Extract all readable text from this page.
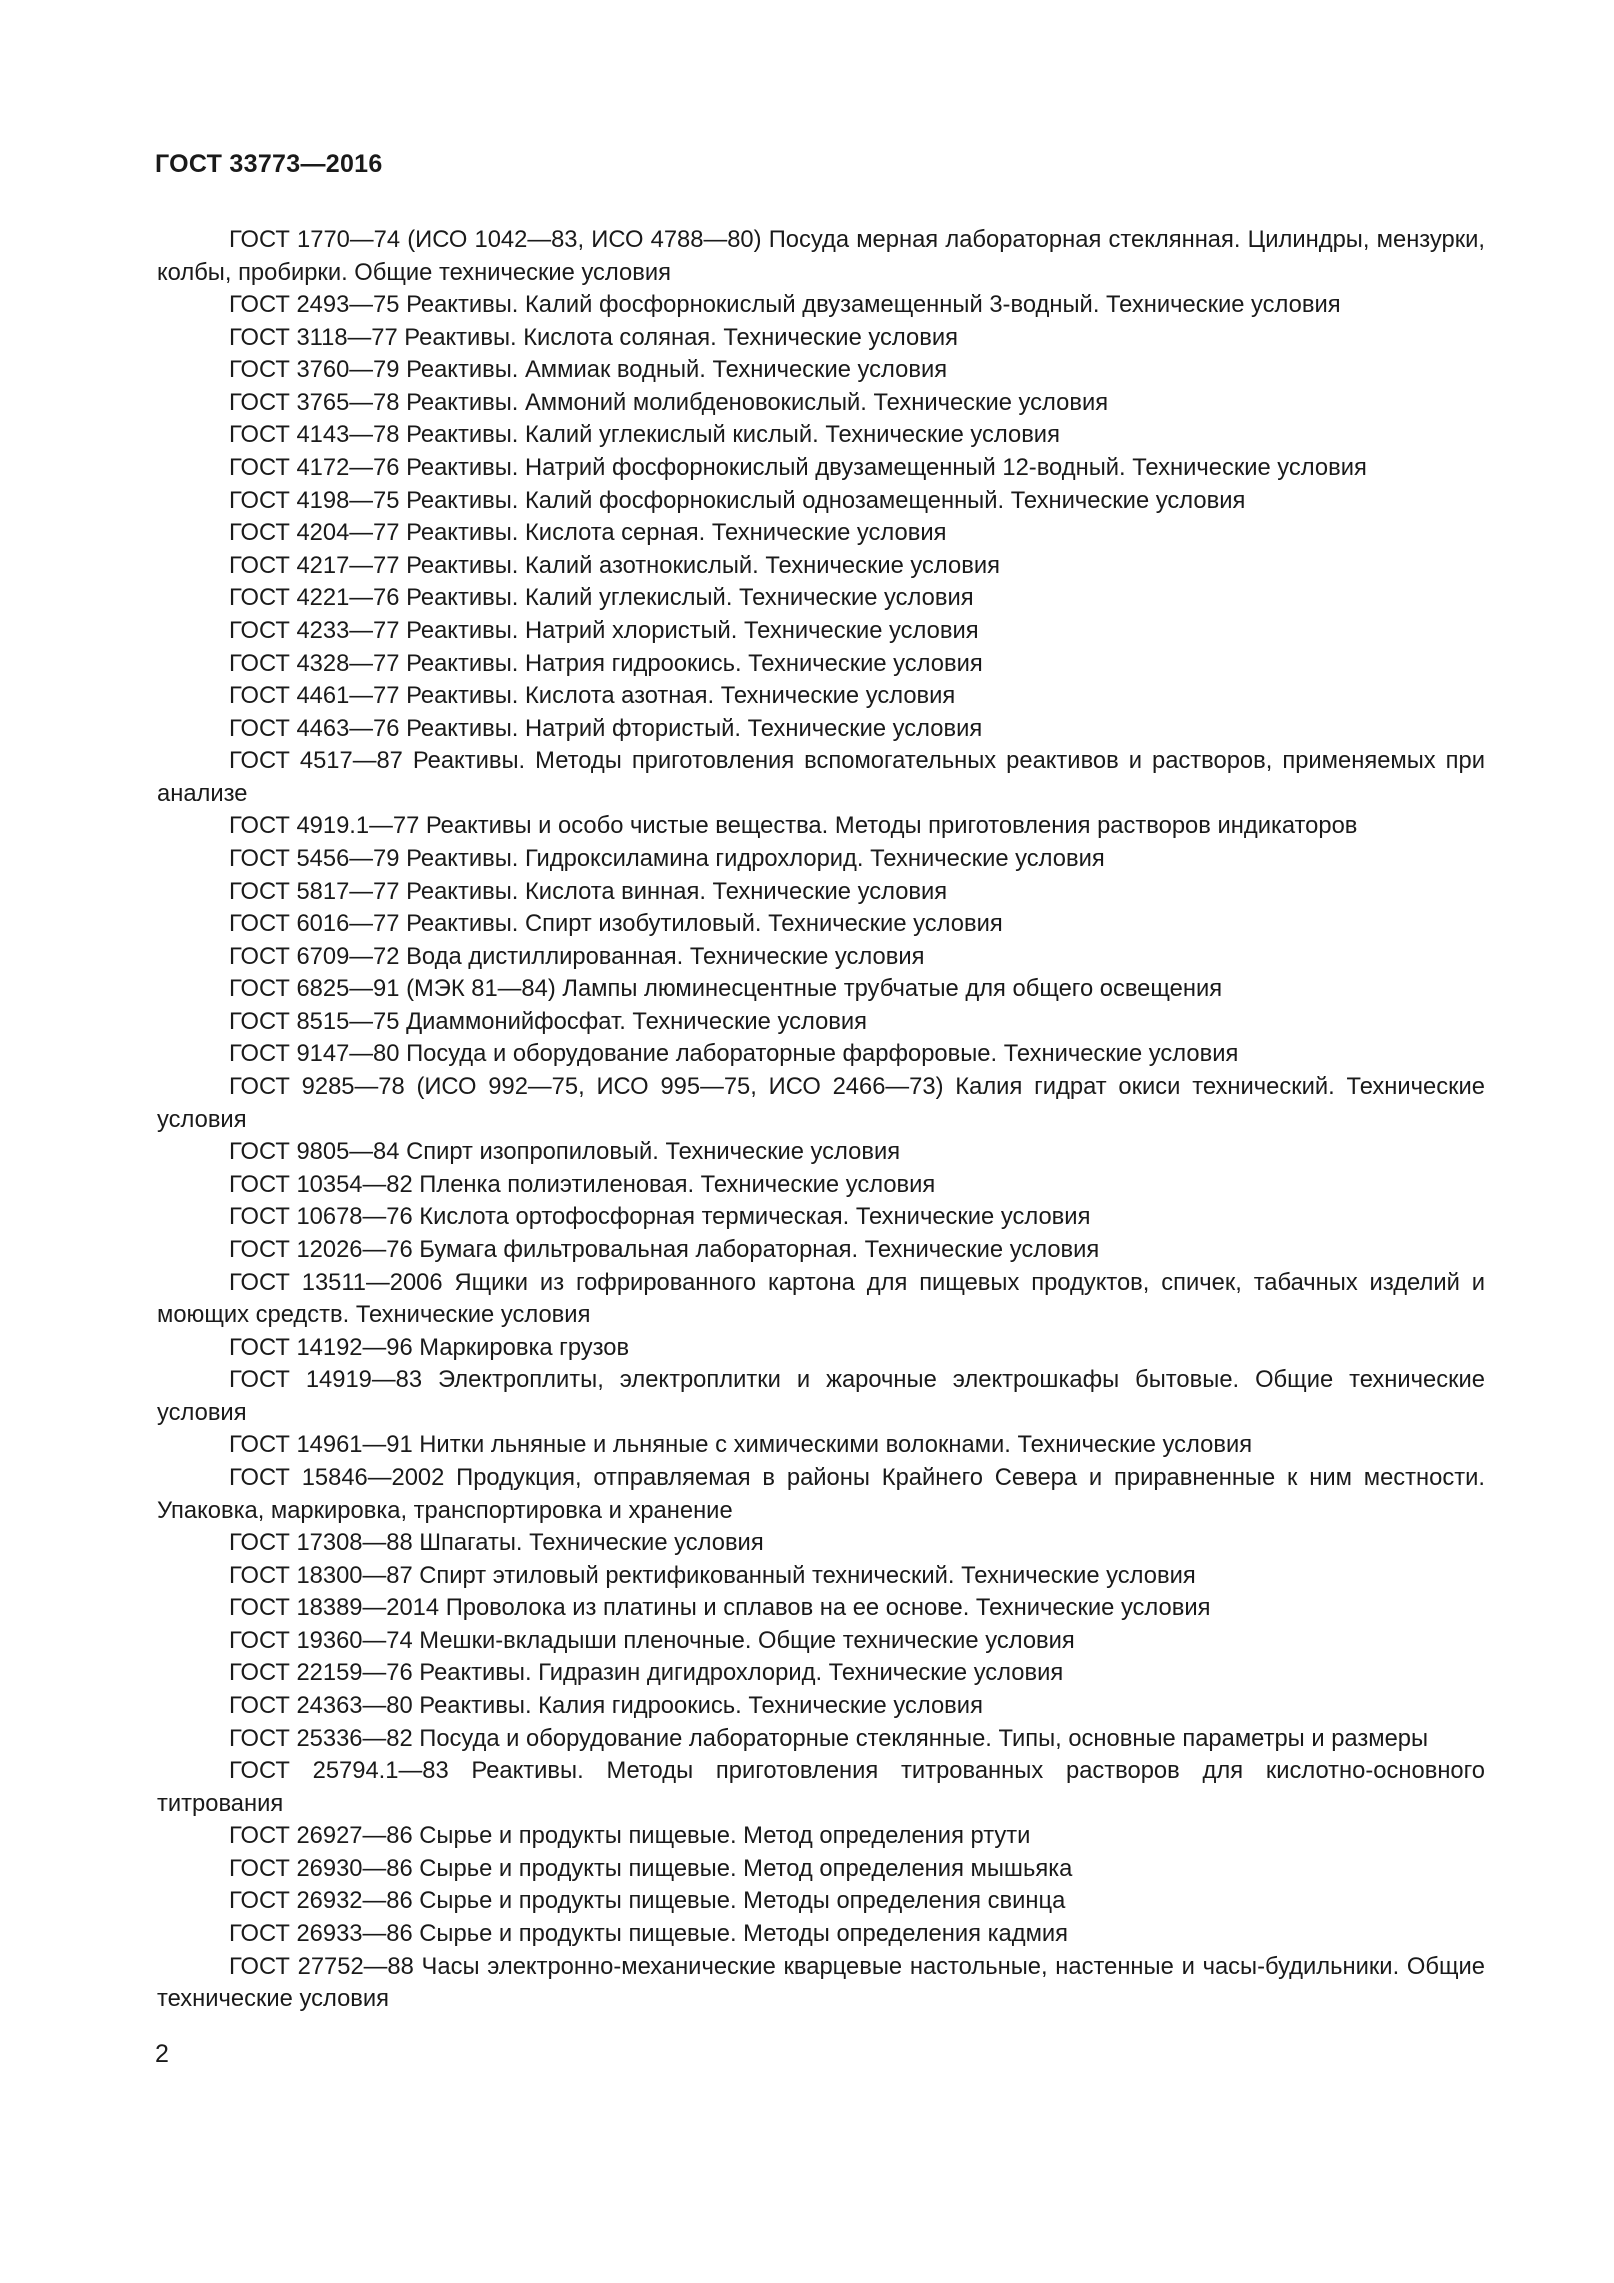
ГОСТ 33773—2016

ГОСТ 1770—74 (ИСО 1042—83, ИСО 4788—80) Посуда мерная лабораторная стеклянная. Цилиндры, мензурки, колбы, пробирки. Общие технические условия

ГОСТ 2493—75 Реактивы. Калий фосфорнокислый двузамещенный 3-водный. Технические условия

ГОСТ 3118—77 Реактивы. Кислота соляная. Технические условия

ГОСТ 3760—79 Реактивы. Аммиак водный. Технические условия

ГОСТ 3765—78 Реактивы. Аммоний молибденовокислый. Технические условия

ГОСТ 4143—78 Реактивы. Калий углекислый кислый. Технические условия

ГОСТ 4172—76 Реактивы. Натрий фосфорнокислый двузамещенный 12-водный. Технические условия

ГОСТ 4198—75 Реактивы. Калий фосфорнокислый однозамещенный. Технические условия

ГОСТ 4204—77 Реактивы. Кислота серная. Технические условия

ГОСТ 4217—77 Реактивы. Калий азотнокислый. Технические условия

ГОСТ 4221—76 Реактивы. Калий углекислый. Технические условия

ГОСТ 4233—77 Реактивы. Натрий хлористый. Технические условия

ГОСТ 4328—77 Реактивы. Натрия гидроокись. Технические условия

ГОСТ 4461—77 Реактивы. Кислота азотная. Технические условия

ГОСТ 4463—76 Реактивы. Натрий фтористый. Технические условия

ГОСТ 4517—87 Реактивы. Методы приготовления вспомогательных реактивов и растворов, применяемых при анализе

ГОСТ 4919.1—77 Реактивы и особо чистые вещества. Методы приготовления растворов индикаторов

ГОСТ 5456—79 Реактивы. Гидроксиламина гидрохлорид. Технические условия

ГОСТ 5817—77 Реактивы. Кислота винная. Технические условия

ГОСТ 6016—77 Реактивы. Спирт изобутиловый. Технические условия

ГОСТ 6709—72 Вода дистиллированная. Технические условия

ГОСТ 6825—91 (МЭК 81—84) Лампы люминесцентные трубчатые для общего освещения

ГОСТ 8515—75 Диаммонийфосфат. Технические условия

ГОСТ 9147—80 Посуда и оборудование лабораторные фарфоровые. Технические условия

ГОСТ 9285—78 (ИСО 992—75, ИСО 995—75, ИСО 2466—73) Калия гидрат окиси технический. Технические условия

ГОСТ 9805—84 Спирт изопропиловый. Технические условия

ГОСТ 10354—82 Пленка полиэтиленовая. Технические условия

ГОСТ 10678—76 Кислота ортофосфорная термическая. Технические условия

ГОСТ 12026—76 Бумага фильтровальная лабораторная. Технические условия

ГОСТ 13511—2006 Ящики из гофрированного картона для пищевых продуктов, спичек, табачных изделий и моющих средств. Технические условия

ГОСТ 14192—96 Маркировка грузов

ГОСТ 14919—83 Электроплиты, электроплитки и жарочные электрошкафы бытовые. Общие технические условия

ГОСТ 14961—91 Нитки льняные и льняные с химическими волокнами. Технические условия

ГОСТ 15846—2002 Продукция, отправляемая в районы Крайнего Севера и приравненные к ним местности. Упаковка, маркировка, транспортировка и хранение

ГОСТ 17308—88 Шпагаты. Технические условия

ГОСТ 18300—87 Спирт этиловый ректификованный технический. Технические условия

ГОСТ 18389—2014 Проволока из платины и сплавов на ее основе. Технические условия

ГОСТ 19360—74 Мешки-вкладыши пленочные. Общие технические условия

ГОСТ 22159—76 Реактивы. Гидразин дигидрохлорид. Технические условия

ГОСТ 24363—80 Реактивы. Калия гидроокись. Технические условия

ГОСТ 25336—82 Посуда и оборудование лабораторные стеклянные. Типы, основные параметры и размеры

ГОСТ 25794.1—83 Реактивы. Методы приготовления титрованных растворов для кислотно-основного титрования

ГОСТ 26927—86 Сырье и продукты пищевые. Метод определения ртути

ГОСТ 26930—86 Сырье и продукты пищевые. Метод определения мышьяка

ГОСТ 26932—86 Сырье и продукты пищевые. Методы определения свинца

ГОСТ 26933—86 Сырье и продукты пищевые. Методы определения кадмия

ГОСТ 27752—88 Часы электронно-механические кварцевые настольные, настенные и часы-будильники. Общие технические условия

2
